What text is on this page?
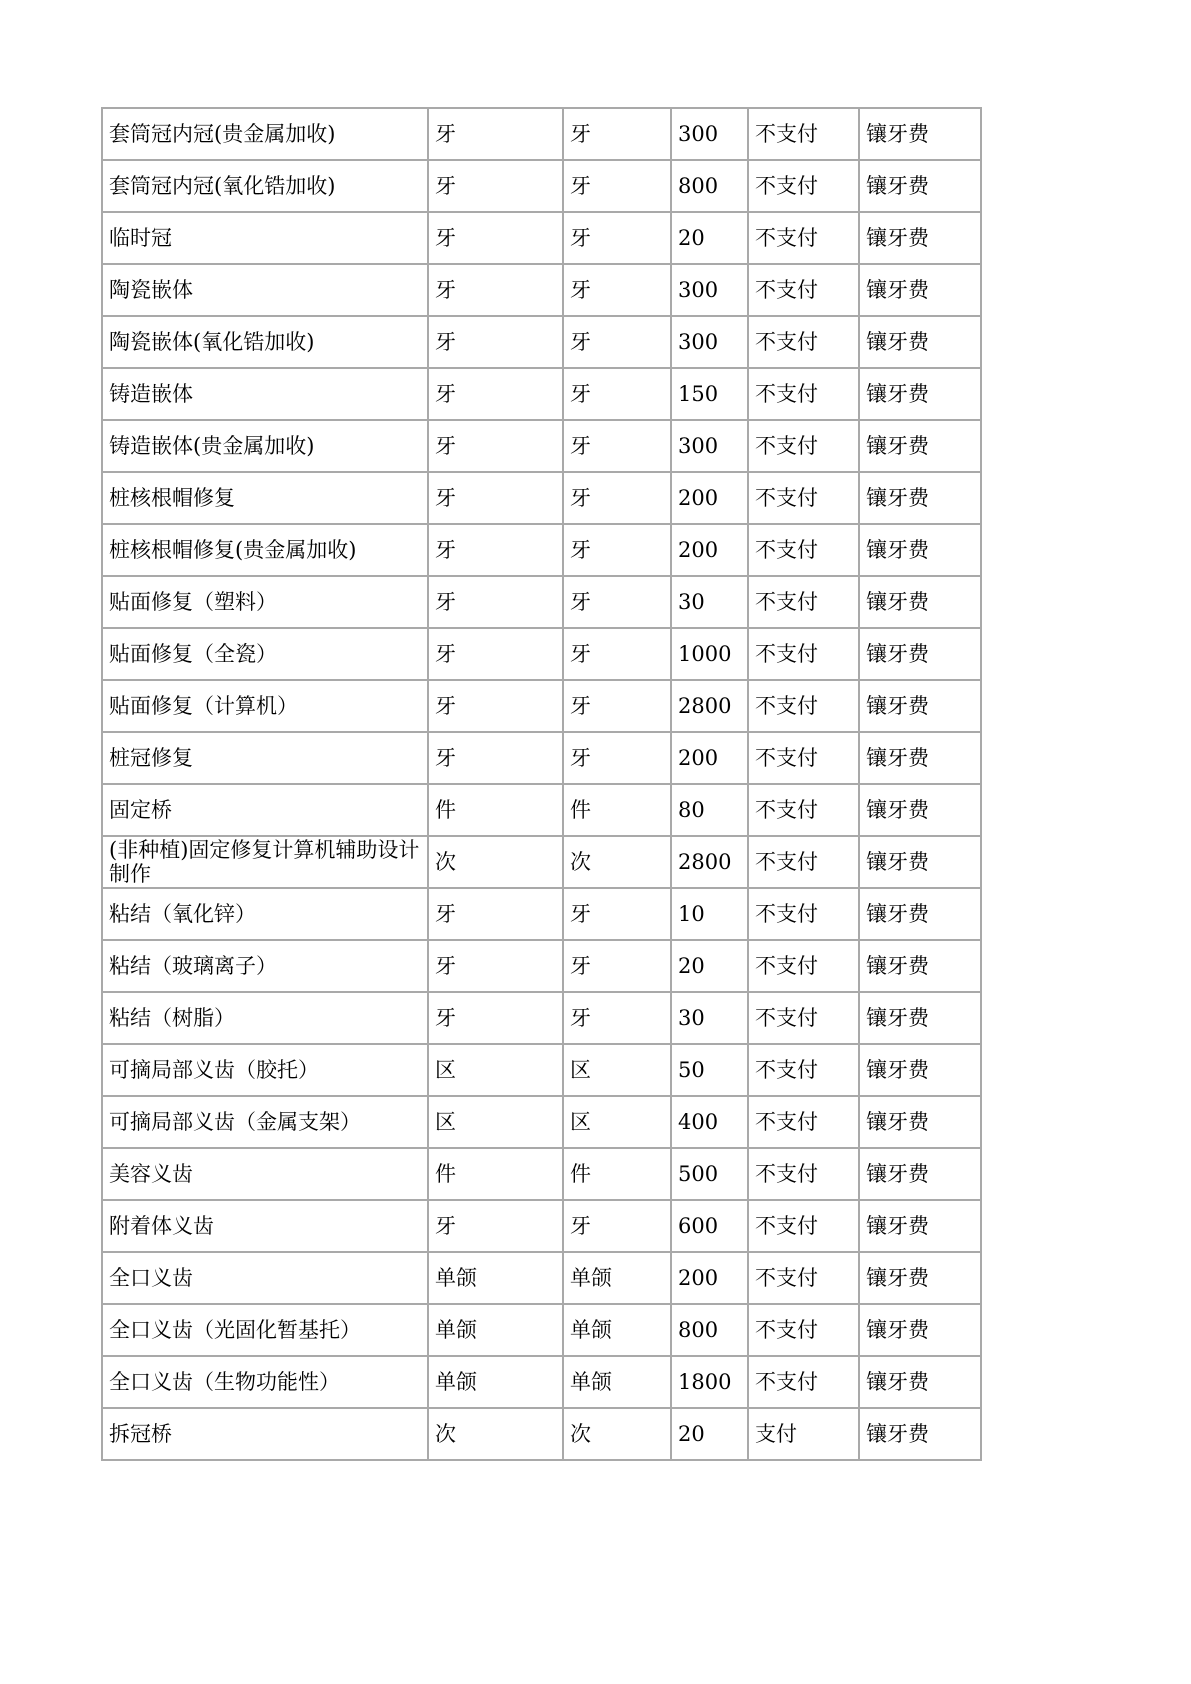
套筒冠内冠(贵金属加收)	牙	牙	300	不支付	镶牙费
套筒冠内冠(氧化锆加收)	牙	牙	800	不支付	镶牙费
临时冠	牙	牙	20	不支付	镶牙费
陶瓷嵌体	牙	牙	300	不支付	镶牙费
陶瓷嵌体(氧化锆加收)	牙	牙	300	不支付	镶牙费
铸造嵌体	牙	牙	150	不支付	镶牙费
铸造嵌体(贵金属加收)	牙	牙	300	不支付	镶牙费
桩核根帽修复	牙	牙	200	不支付	镶牙费
桩核根帽修复(贵金属加收)	牙	牙	200	不支付	镶牙费
贴面修复（塑料）	牙	牙	30	不支付	镶牙费
贴面修复（全瓷）	牙	牙	1000	不支付	镶牙费
贴面修复（计算机）	牙	牙	2800	不支付	镶牙费
桩冠修复	牙	牙	200	不支付	镶牙费
固定桥	件	件	80	不支付	镶牙费
(非种植)固定修复计算机辅助设计制作	次	次	2800	不支付	镶牙费
粘结（氧化锌）	牙	牙	10	不支付	镶牙费
粘结（玻璃离子）	牙	牙	20	不支付	镶牙费
粘结（树脂）	牙	牙	30	不支付	镶牙费
可摘局部义齿（胶托）	区	区	50	不支付	镶牙费
可摘局部义齿（金属支架）	区	区	400	不支付	镶牙费
美容义齿	件	件	500	不支付	镶牙费
附着体义齿	牙	牙	600	不支付	镶牙费
全口义齿	单颌	单颌	200	不支付	镶牙费
全口义齿（光固化暂基托）	单颌	单颌	800	不支付	镶牙费
全口义齿（生物功能性）	单颌	单颌	1800	不支付	镶牙费
拆冠桥	次	次	20	支付	镶牙费
